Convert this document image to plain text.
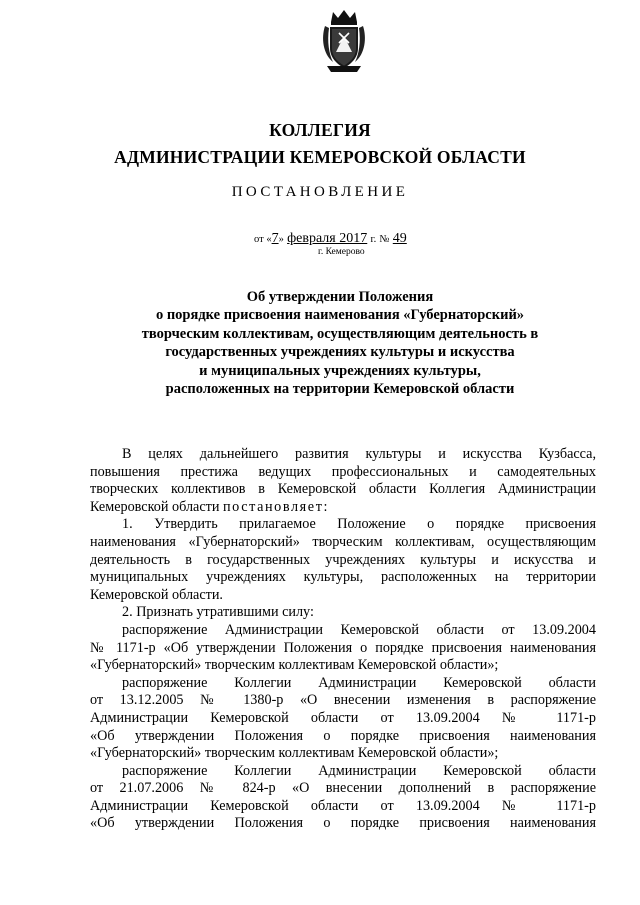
КОЛЛЕГИЯ
АДМИНИСТРАЦИИ КЕМЕРОВСКОЙ ОБЛАСТИ
ПОСТАНОВЛЕНИЕ
от «7» февраля 2017 г. № 49
г. Кемерово
Об утверждении Положения
о порядке присвоения наименования «Губернаторский»
творческим коллективам, осуществляющим деятельность в
государственных учреждениях культуры и искусства
и муниципальных учреждениях культуры,
расположенных на территории Кемеровской области
В целях дальнейшего развития культуры и искусства Кузбасса,
повышения престижа ведущих профессиональных и самодеятельных
творческих коллективов в Кемеровской области Коллегия Администрации
Кемеровской области постановляет:
1. Утвердить прилагаемое Положение о порядке присвоения
наименования «Губернаторский» творческим коллективам, осуществляющим
деятельность в государственных учреждениях культуры и искусства и
муниципальных учреждениях культуры, расположенных на территории
Кемеровской области.
2. Признать утратившими силу:
распоряжение Администрации Кемеровской области от 13.09.2004
№ 1171-р «Об утверждении Положения о порядке присвоения наименования
«Губернаторский» творческим коллективам Кемеровской области»;
распоряжение Коллегии Администрации Кемеровской области
от 13.12.2005 № 1380-р «О внесении изменения в распоряжение
Администрации Кемеровской области от 13.09.2004 № 1171-р
«Об утверждении Положения о порядке присвоения наименования
«Губернаторский» творческим коллективам Кемеровской области»;
распоряжение Коллегии Администрации Кемеровской области
от 21.07.2006 № 824-р «О внесении дополнений в распоряжение
Администрации Кемеровской области от 13.09.2004 № 1171-р
«Об утверждении Положения о порядке присвоения наименования
